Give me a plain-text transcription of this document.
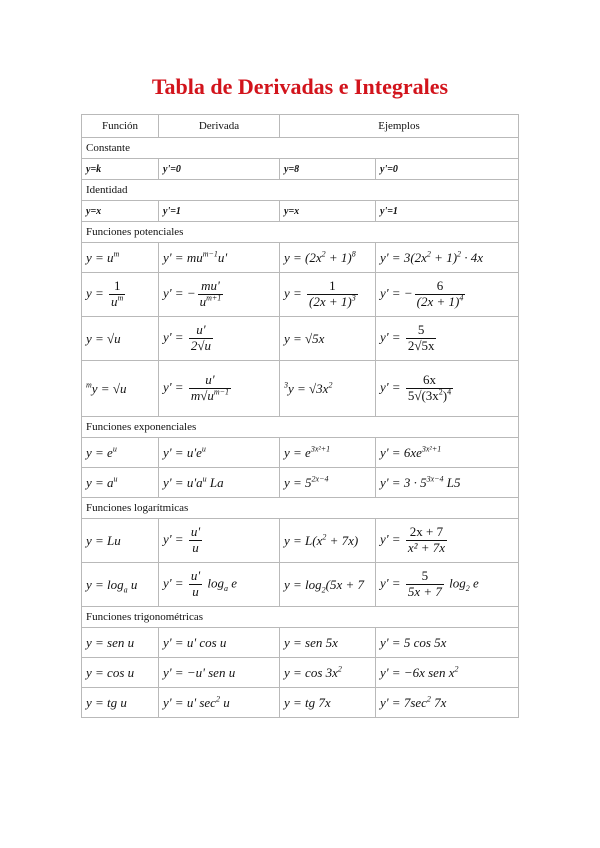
Tabla de Derivadas e Integrales
Función	Derivada	Ejemplos	
Constante			
y=k	y'=0	y=8	y'=0
Identidad			
y=x	y'=1	y=x	y'=1
Funciones potenciales			
$y = u^m$	$y' = mu^{m-1}u'$	$y = (2x^2 + 1)^8$	$y' = 3(2x^2 + 1)^2 \cdot 4x$
$y = \frac{1}{u^m}$	y' = − $\frac{mu'}{u^{m+1}}$	$y = \frac{1}{(2x + 1)^3}$	y' = − $\frac{6}{(2x + 1)^4}$

y = √u	$y' = \frac{u'}{2√u}$	y = √5x	$y' = \frac{5}{2√5x}$

$^m$y = √u	$y' = \frac{u'}{m√u^{m-1}}$	$^3y = √3x^2$	$y' = \frac{6x}{5√(3x^2)^4}$

Funciones exponenciales			
$y = e^u$	$y' = u'e^u$	$y = e^{3x^2+1}$	$y' = 6xe^{3x^2+1}$
$y = a^u$	$y' = u'a^u$ La	$y = 5^{2x-4}$	$y' = 3 \cdot 5^{3x-4}$ L5
Funciones logarítmicas			
y = Lu	$y' = \frac{u'}{u}$	$y = L(x^2 + 7x)$	$y' = \frac{2x + 7}{\text{x² + 7x}}$

$y = \log_a u$	$y' = \frac{u'}{u} \log_a e$	$y = \log_2(5x + 7$	$y' = \frac{5}{5x + 7} \log_2 e$
Funciones trigonométricas			
y = sen u	y' = u' cos u	y = sen 5x	y' = 5 cos 5x
y = cos u	y' = −u' sen u	$y = \cos 3x^2$	y' = −6x sen $x^2$
y = tg u	y' = u' $\sec^2 u$	y = tg 7x	$y' = 7\sec^2$ 7x
